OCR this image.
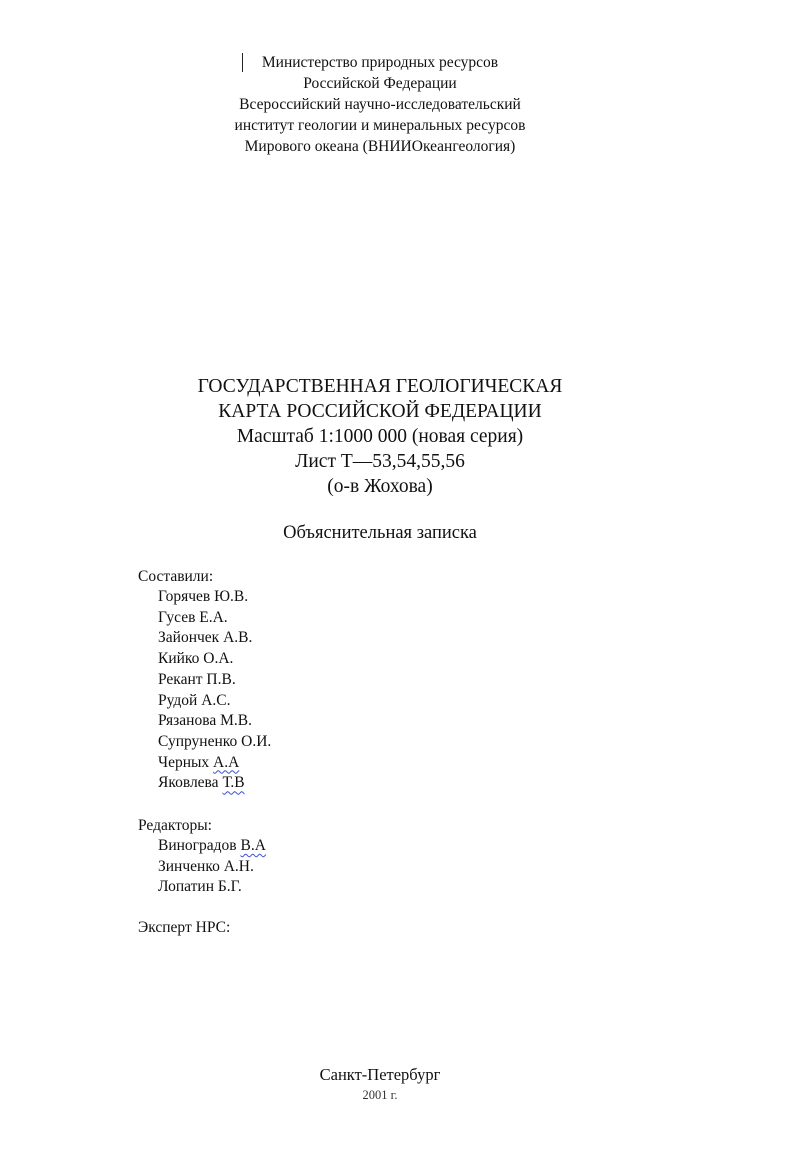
Министерство природных ресурсов
Российской Федерации
Всероссийский научно-исследовательский
институт геологии и минеральных ресурсов
Мирового океана (ВНИИОкеангеология)
ГОСУДАРСТВЕННАЯ ГЕОЛОГИЧЕСКАЯ
КАРТА РОССИЙСКОЙ ФЕДЕРАЦИИ
Масштаб 1:1000 000 (новая серия)
Лист Т—53,54,55,56
(о-в Жохова)
Объяснительная записка
Составили:
Горячев Ю.В.
Гусев Е.А.
Зайончек А.В.
Кийко О.А.
Рекант П.В.
Рудой А.С.
Рязанова М.В.
Супруненко О.И.
Черных А.А
Яковлева Т.В
Редакторы:
Виноградов В.А
Зинченко А.Н.
Лопатин Б.Г.
Эксперт НРС:
Санкт-Петербург
2001 г.
